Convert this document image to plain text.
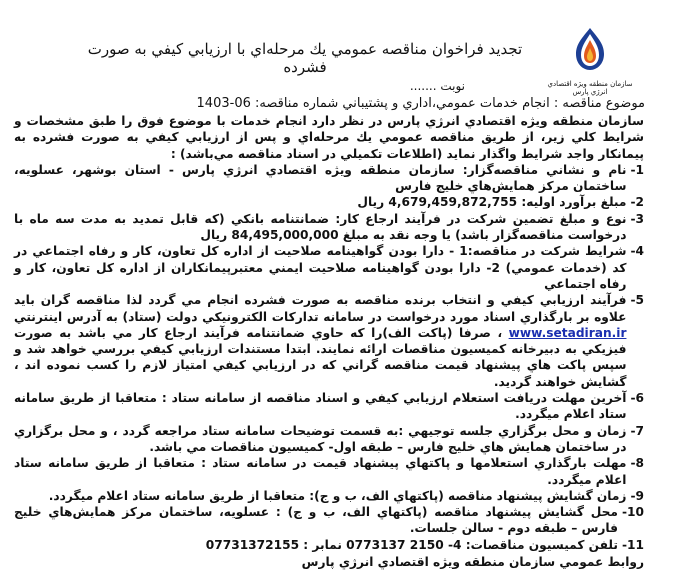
سازمان منطقه ويژه اقتصادي انرژي پارس
تجديد فراخوان مناقصه عمومي يك مرحله‌اي با ارزيابي كيفي به صورت فشرده
نوبت .......
موضوع مناقصه : انجام خدمات عمومي،اداري و پشتيباني شماره مناقصه: 06-1403
سازمان منطقه ويژه اقتصادي انرژي پارس در نظر دارد انجام خدمات با موضوع فوق را طبق مشخصات و شرايط كلي زير، از طريق مناقصه عمومي يك مرحله‌اي و پس از ارزيابي كيفي به صورت فشرده به پيمانكار واجد شرايط واگذار نمايد (اطلاعات تكميلي در اسناد مناقصه مي‌باشد) :
1-
نام و نشاني مناقصه‌گزار: سازمان منطقه ويژه اقتصادي انرژي پارس - استان بوشهر، عسلويه، ساختمان مركز همايش‌هاي خليج فارس
2-
مبلغ برآورد اوليه: 4,679,459,872,755 ريال
3-
نوع و مبلغ تضمين شركت در فرآيند ارجاع كار: ضمانتنامه بانكي (كه قابل تمديد به مدت سه ماه با درخواست مناقصه‌گزار باشد) يا وجه نقد به مبلغ 84,495,000,000 ريال
4-
شرايط شركت در مناقصه:1 - دارا بودن گواهينامه صلاحيت از اداره كل تعاون، كار و رفاه اجتماعي در كد (خدمات عمومي) 2- دارا بودن گواهينامه صلاحيت ايمني معتبرپيمانكاران از اداره كل تعاون، كار و رفاه اجتماعي
5-
فرآيند ارزيابي كيفي و انتخاب برنده مناقصه به صورت فشرده انجام مي گردد لذا مناقصه گران بايد علاوه بر بارگذاري اسناد مورد درخواست در سامانه تداركات الكترونيكي دولت (ستاد) به آدرس اينترنتي www.setadiran.ir ، صرفا (پاكت الف)را كه حاوي ضمانتنامه فرآيند ارجاع كار مي باشد به صورت فيزيكي به دبيرخانه كميسيون مناقصات ارائه نمايند. ابتدا مستندات ارزيابي كيفي بررسي خواهد شد و سپس پاكت هاي پيشنهاد قيمت مناقصه گراني كه در ارزيابي كيفي امتياز لازم را كسب نموده اند ، گشايش خواهند گرديد.
6-
آخرين مهلت دريافت استعلام ارزيابي كيفي و اسناد مناقصه از سامانه ستاد : متعاقبا از طريق سامانه ستاد اعلام ميگردد.
7-
زمان و محل برگزاري جلسه توجيهي :به قسمت توضيحات سامانه ستاد مراجعه گردد ، و محل برگزاري در ساختمان همايش هاي خليج فارس – طبقه اول- كميسيون مناقصات مي باشد.
8-
مهلت بارگذاري استعلامها و پاكتهاي پيشنهاد قيمت در سامانه ستاد : متعاقبا از طريق سامانه ستاد اعلام ميگردد.
9-
زمان گشايش پيشنهاد مناقصه (پاكتهاي الف، ب و ج): متعاقبا از طريق سامانه ستاد اعلام ميگردد.
10-
محل گشايش پيشنهاد مناقصه (پاكتهاي الف، ب و ج) : عسلويه، ساختمان مركز همايش‌هاي خليج فارس – طبقه دوم - سالن جلسات.
11-
تلفن كميسيون مناقصات: 4- 2150 0773137 نمابر : 07731372155
روابط عمومي سازمان منطقه ويژه اقتصادي انرژي پارس
